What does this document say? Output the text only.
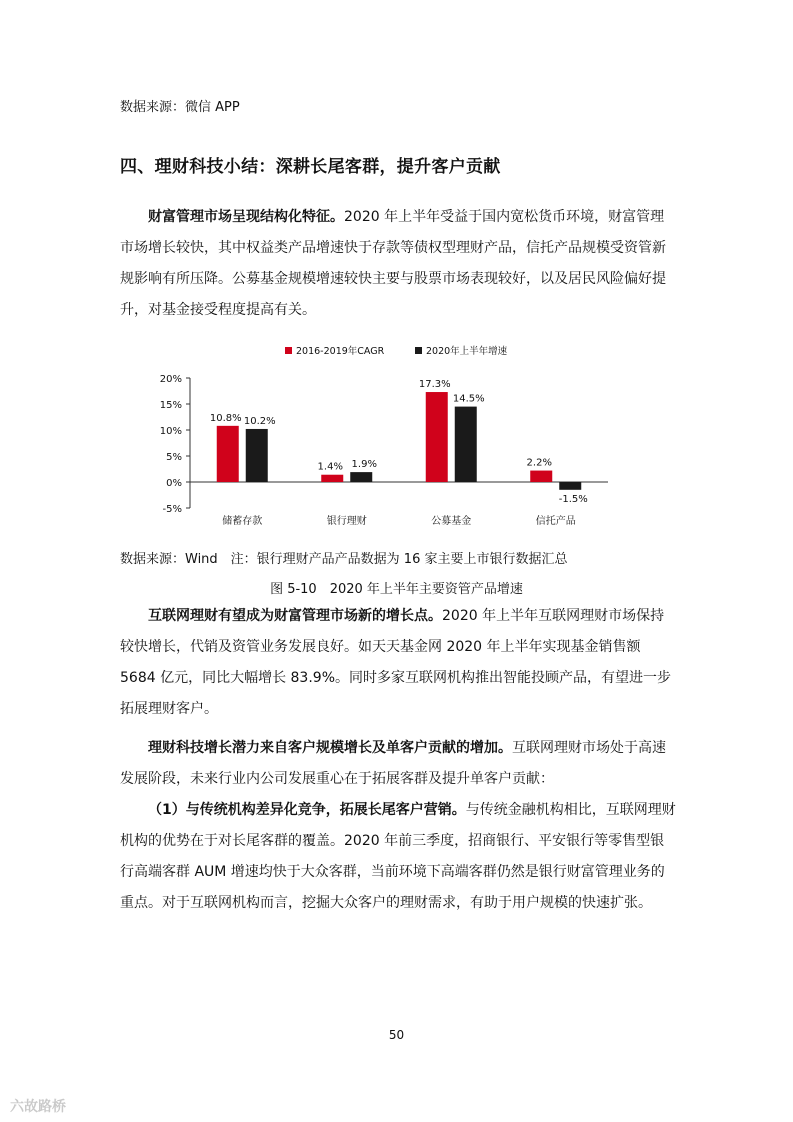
数据来源：微信 APP
四、理财科技小结：深耕长尾客群，提升客户贡献

财富管理市场呈现结构化特征。2020 年上半年受益于国内宽松货币环境，财富管理市场增长较快，其中权益类产品增速快于存款等债权型理财产品，信托产品规模受资管新规影响有所压降。公募基金规模增速较快主要与股票市场表现较好，以及居民风险偏好提升，对基金接受程度提高有关。

2016-2019年CAGR	2020年上半年增速
20%
15%
10%
5%
0%
-5%
10.8% 10.2%
储蓄存款
1.4% 1.9%
银行理财
17.3%
14.5%
公募基金
2.2%
-1.5%
信托产品
数据来源：Wind　注：银行理财产品产品数据为 16 家主要上市银行数据汇总
图 5-10　2020 年上半年主要资管产品增速

互联网理财有望成为财富管理市场新的增长点。2020 年上半年互联网理财市场保持较快增长，代销及资管业务发展良好。如天天基金网 2020 年上半年实现基金销售额 5684 亿元，同比大幅增长 83.9%。同时多家互联网机构推出智能投顾产品，有望进一步拓展理财客户。

理财科技增长潜力来自客户规模增长及单客户贡献的增加。互联网理财市场处于高速发展阶段，未来行业内公司发展重心在于拓展客群及提升单客户贡献：

（1）与传统机构差异化竞争，拓展长尾客户营销。与传统金融机构相比，互联网理财机构的优势在于对长尾客群的覆盖。2020 年前三季度，招商银行、平安银行等零售型银行高端客群 AUM 增速均快于大众客群，当前环境下高端客群仍然是银行财富管理业务的重点。对于互联网机构而言，挖掘大众客户的理财需求，有助于用户规模的快速扩张。

50
六故路桥
